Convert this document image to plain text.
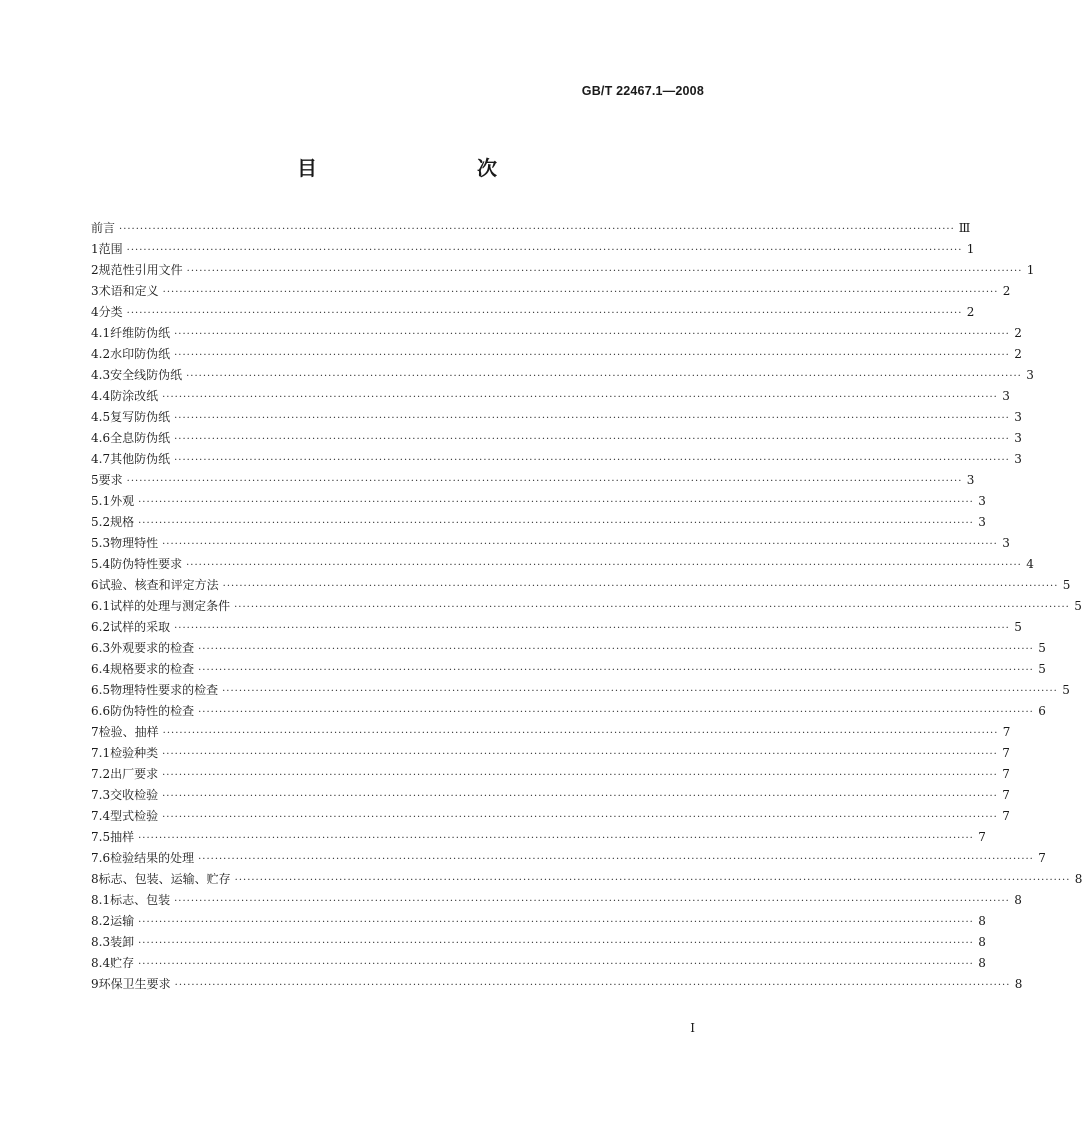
GB/T 22467.1—2008
目　　次
前言 ········································································································································································································ Ⅲ
1 范围 ········································································································································································································ 1
2 规范性引用文件 ········································································································································································································ 1
3 术语和定义 ········································································································································································································ 2
4 分类 ········································································································································································································ 2
4.1 纤维防伪纸 ········································································································································································································ 2
4.2 水印防伪纸 ········································································································································································································ 2
4.3 安全线防伪纸 ········································································································································································································ 3
4.4 防涂改纸 ········································································································································································································ 3
4.5 复写防伪纸 ········································································································································································································ 3
4.6 全息防伪纸 ········································································································································································································ 3
4.7 其他防伪纸 ········································································································································································································ 3
5 要求 ········································································································································································································ 3
5.1 外观 ········································································································································································································ 3
5.2 规格 ········································································································································································································ 3
5.3 物理特性 ········································································································································································································ 3
5.4 防伪特性要求 ········································································································································································································ 4
6 试验、核查和评定方法 ········································································································································································································ 5
6.1 试样的处理与测定条件 ········································································································································································································ 5
6.2 试样的采取 ········································································································································································································ 5
6.3 外观要求的检查 ········································································································································································································ 5
6.4 规格要求的检查 ········································································································································································································ 5
6.5 物理特性要求的检查 ········································································································································································································ 5
6.6 防伪特性的检查 ········································································································································································································ 6
7 检验、抽样 ········································································································································································································ 7
7.1 检验种类 ········································································································································································································ 7
7.2 出厂要求 ········································································································································································································ 7
7.3 交收检验 ········································································································································································································ 7
7.4 型式检验 ········································································································································································································ 7
7.5 抽样 ········································································································································································································ 7
7.6 检验结果的处理 ········································································································································································································ 7
8 标志、包装、运输、贮存 ········································································································································································································ 8
8.1 标志、包装 ········································································································································································································ 8
8.2 运输 ········································································································································································································ 8
8.3 装卸 ········································································································································································································ 8
8.4 贮存 ········································································································································································································ 8
9 环保卫生要求 ········································································································································································································ 8
I
